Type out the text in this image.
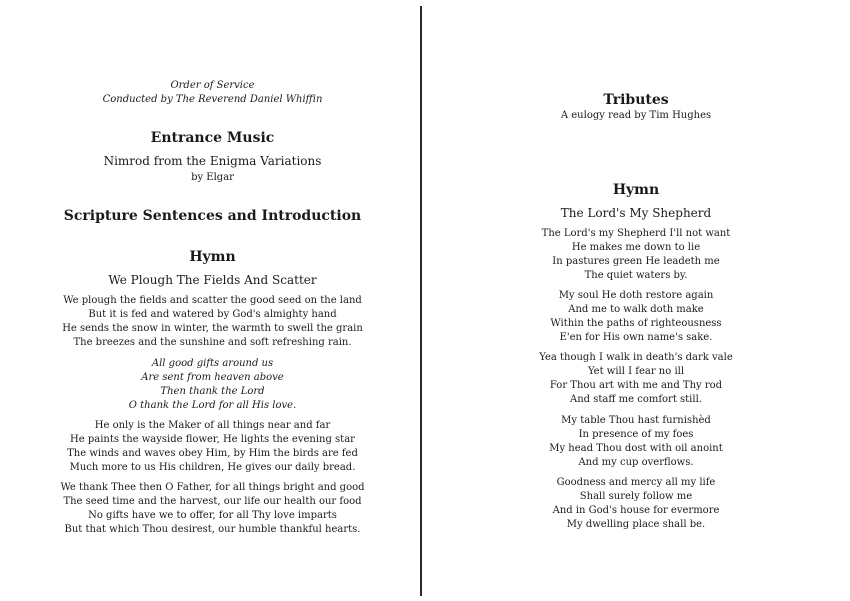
Order of Service
Conducted by The Reverend Daniel Whiffin
Entrance Music
Nimrod from the Enigma Variations
by Elgar
Scripture Sentences and Introduction
Hymn
We Plough The Fields And Scatter
We plough the fields and scatter the good seed on the land
But it is fed and watered by God's almighty hand
He sends the snow in winter, the warmth to swell the grain
The breezes and the sunshine and soft refreshing rain.
All good gifts around us
Are sent from heaven above
Then thank the Lord
O thank the Lord for all His love.
He only is the Maker of all things near and far
He paints the wayside flower, He lights the evening star
The winds and waves obey Him, by Him the birds are fed
Much more to us His children, He gives our daily bread.
We thank Thee then O Father, for all things bright and good
The seed time and the harvest, our life our health our food
No gifts have we to offer, for all Thy love imparts
But that which Thou desirest, our humble thankful hearts.
Tributes
A eulogy read by Tim Hughes
Hymn
The Lord's My Shepherd
The Lord's my Shepherd I'll not want
He makes me down to lie
In pastures green He leadeth me
The quiet waters by.
My soul He doth restore again
And me to walk doth make
Within the paths of righteousness
E'en for His own name's sake.
Yea though I walk in death's dark vale
Yet will I fear no ill
For Thou art with me and Thy rod
And staff me comfort still.
My table Thou hast furnishèd
In presence of my foes
My head Thou dost with oil anoint
And my cup overflows.
Goodness and mercy all my life
Shall surely follow me
And in God's house for evermore
My dwelling place shall be.
